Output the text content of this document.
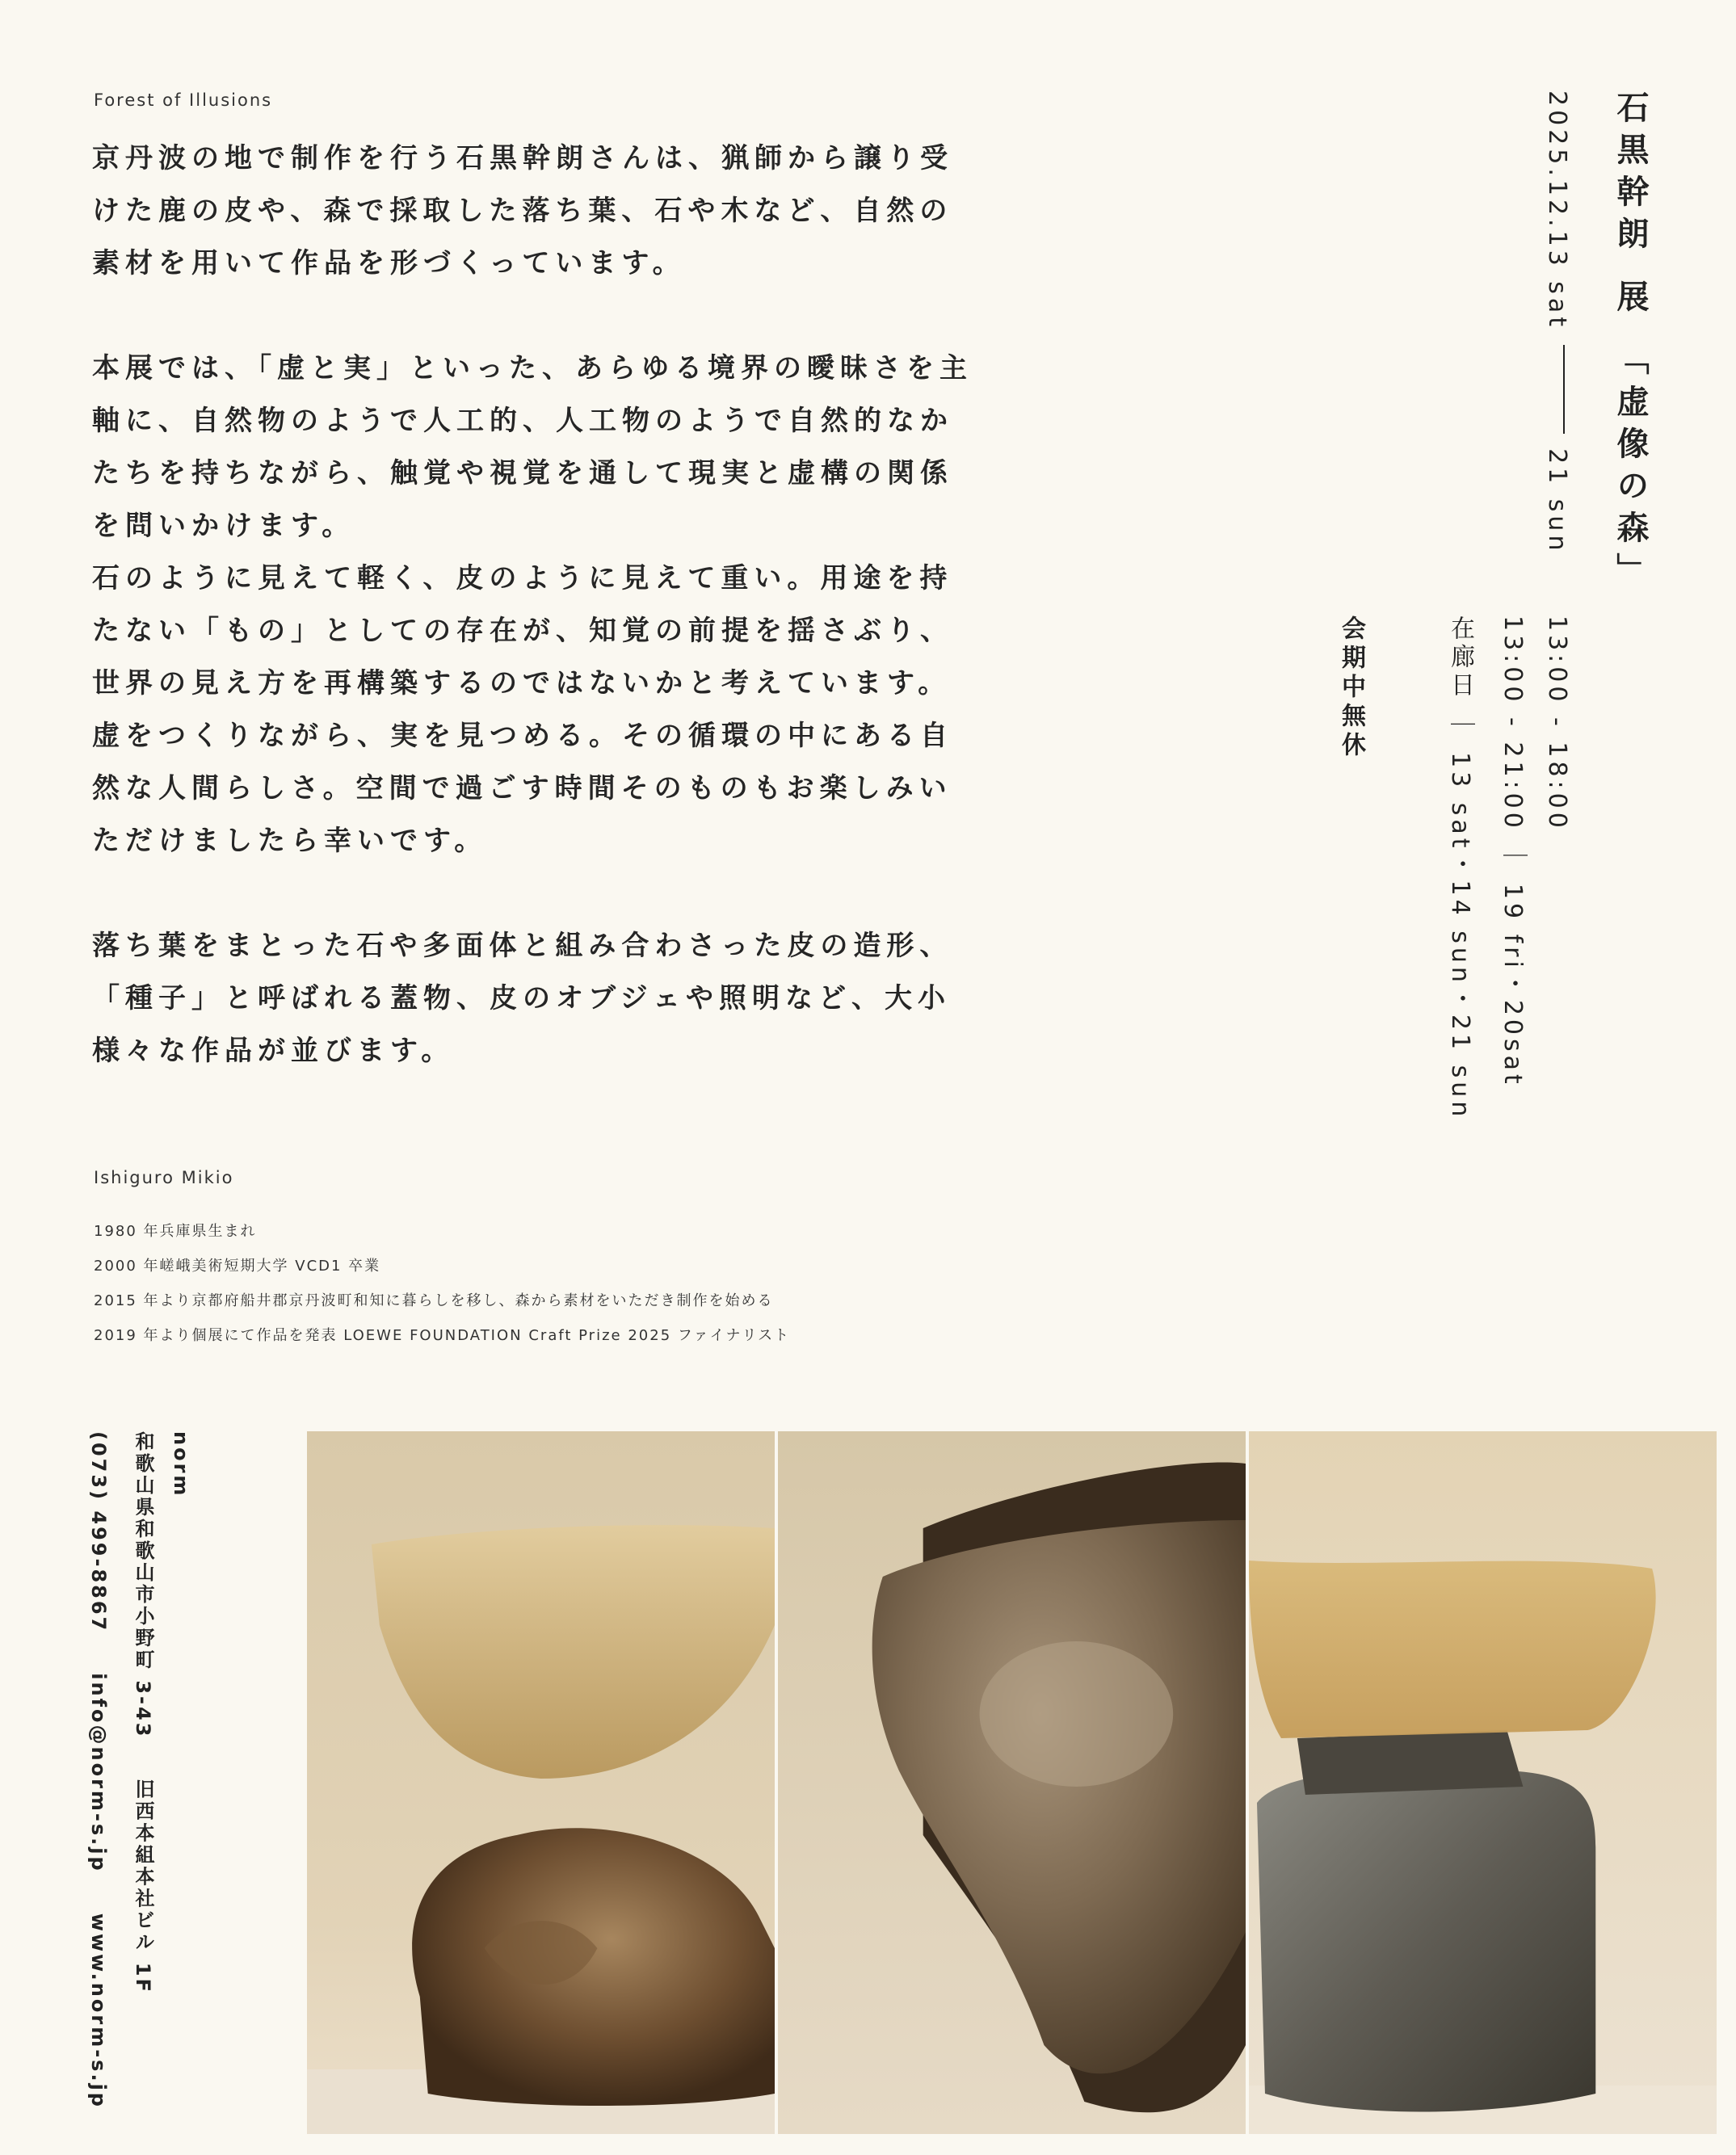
Forest of Illusions

京丹波の地で制作を行う石黒幹朗さんは、猟師から譲り受けた鹿の皮や、森で採取した落ち葉、石や木など、自然の素材を用いて作品を形づくっています。

本展では、「虚と実」といった、あらゆる境界の曖昧さを主軸に、自然物のようで人工的、人工物のようで自然的なかたちを持ちながら、触覚や視覚を通して現実と虚構の関係を問いかけます。

石のように見えて軽く、皮のように見えて重い。用途を持たない「もの」としての存在が、知覚の前提を揺さぶり、世界の見え方を再構築するのではないかと考えています。

虚をつくりながら、実を見つめる。その循環の中にある自然な人間らしさ。空間で過ごす時間そのものもお楽しみいただけましたら幸いです。

落ち葉をまとった石や多面体と組み合わさった皮の造形、「種子」と呼ばれる蓋物、皮のオブジェや照明など、大小様々な作品が並びます。

石黒幹朗 展 「虚像の森」
2025.12.13 sat21 sun
13:00 - 18:00
13:00 - 21:00 ｜ 19 fri・20sat
在廊日 ｜ 13 sat・14 sun・21 sun
会期中無休
Ishiguro Mikio
1980 年兵庫県生まれ
2000 年嵯峨美術短期大学 VCD1 卒業
2015 年より京都府船井郡京丹波町和知に暮らしを移し、森から素材をいただき制作を始める
2019 年より個展にて作品を発表 LOEWE FOUNDATION Craft Prize 2025 ファイナリスト
norm
和歌山県和歌山市小野町 3-43旧西本組本社ビル 1F
(073) 499-8867info@norm-s.jpwww.norm-s.jp
